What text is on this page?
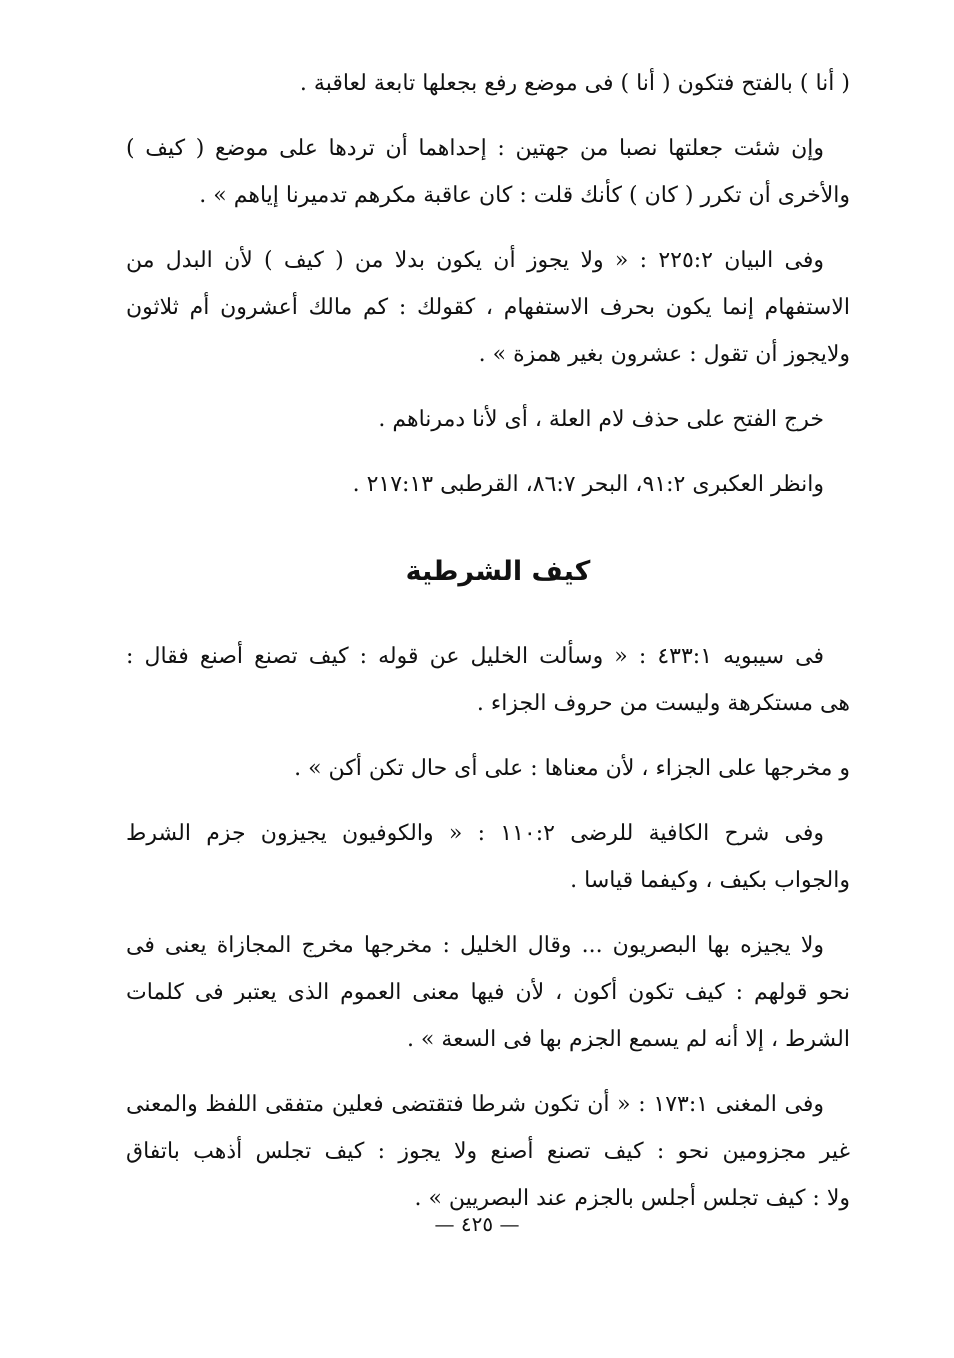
( أنا ) بالفتح فتكون ( أنا ) فى موضع رفع بجعلها تابعة لعاقبة .
وإن شئت جعلتها نصبا من جهتين : إحداهما أن تردها على موضع ( كيف )
والأخرى أن تكرر ( كان ) كأنك قلت : كان عاقبة مكرهم تدميرنا إياهم » .
وفى البيان ٢٢٥:٢ : « ولا يجوز أن يكون بدلا من ( كيف ) لأن البدل من
الاستفهام إنما يكون بحرف الاستفهام ، كقولك : كم مالك أعشرون أم ثلاثون
ولايجوز أن تقول : عشرون بغير همزة » .
خرج الفتح على حذف لام العلة ، أى لأنا دمرناهم .
وانظر العكبرى ٩١:٢، البحر ٨٦:٧، القرطبى ٢١٧:١٣ .
كيف الشرطية
فى سيبويه ٤٣٣:١ : « وسألت الخليل عن قوله : كيف تصنع أصنع فقال :
هى مستكرهة وليست من حروف الجزاء .
و مخرجها على الجزاء ، لأن معناها : على أى حال تكن أكن » .
وفى شرح الكافية للرضى ١١٠:٢ : « والكوفيون يجيزون جزم الشرط
والجواب بكيف ، وكيفما قياسا .
ولا يجيزه بها البصريون ... وقال الخليل : مخرجها مخرج المجازاة يعنى فى
نحو قولهم : كيف تكون أكون ، لأن فيها معنى العموم الذى يعتبر فى كلمات
الشرط ، إلا أنه لم يسمع الجزم بها فى السعة » .
وفى المغنى ١٧٣:١ : « أن تكون شرطا فتقتضى فعلين متفقى اللفظ والمعنى
غير مجزومين نحو : كيف تصنع أصنع ولا يجوز : كيف تجلس أذهب باتفاق
ولا : كيف تجلس أجلس بالجزم عند البصريين » .
— ٤٢٥ —
